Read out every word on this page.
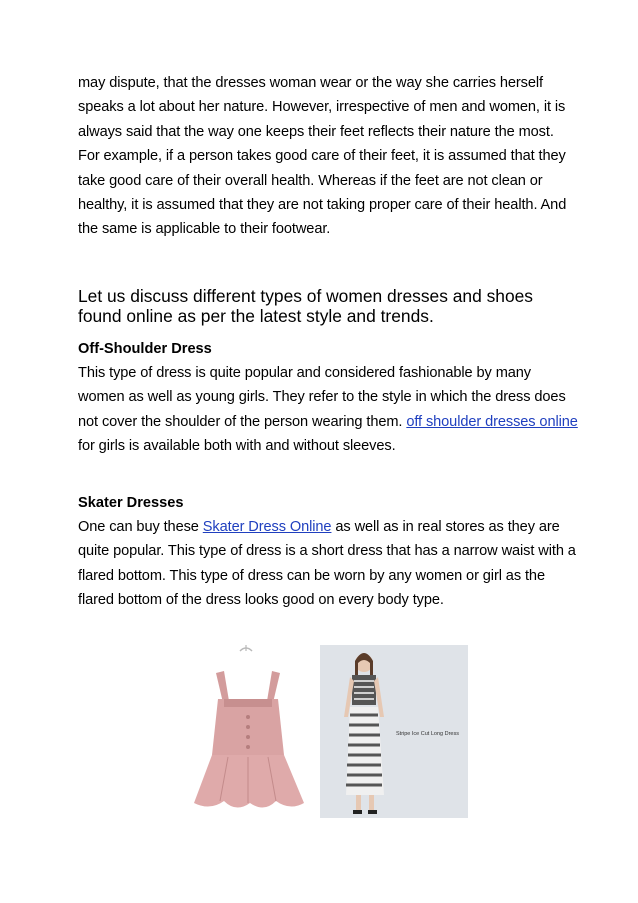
may dispute, that the dresses woman wear or the way she carries herself speaks a lot about her nature. However, irrespective of men and women, it is always said that the way one keeps their feet reflects their nature the most. For example, if a person takes good care of their feet, it is assumed that they take good care of their overall health. Whereas if the feet are not clean or healthy, it is assumed that they are not taking proper care of their health. And the same is applicable to their footwear.

Let us discuss different types of women dresses and shoes found online as per the latest style and trends.

Off-Shoulder Dress

This type of dress is quite popular and considered fashionable by many women as well as young girls. They refer to the style in which the dress does not cover the shoulder of the person wearing them. off shoulder dresses online for girls is available both with and without sleeves.

Skater Dresses

One can buy these Skater Dress Online as well as in real stores as they are quite popular. This type of dress is a short dress that has a narrow waist with a flared bottom. This type of dress can be worn by any women or girl as the flared bottom of the dress looks good on every body type.

Stripe Ice Cut Long Dress
